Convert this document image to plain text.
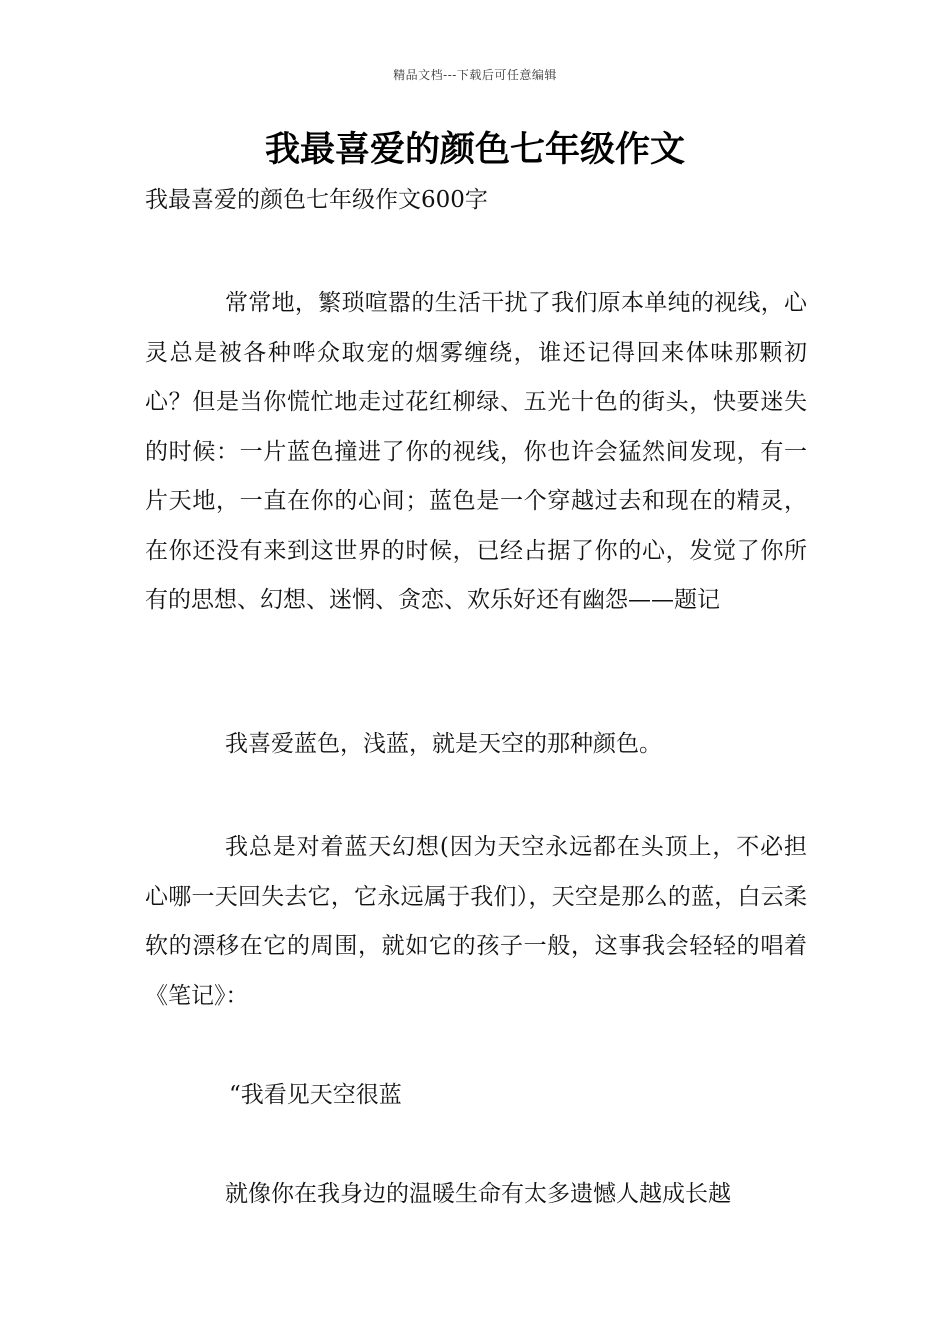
精品文档---下载后可任意编辑
我最喜爱的颜色七年级作文

我最喜爱的颜色七年级作文600字

常常地，繁琐喧嚣的生活干扰了我们原本单纯的视线，心灵总是被各种哗众取宠的烟雾缠绕，谁还记得回来体味那颗初心？但是当你慌忙地走过花红柳绿、五光十色的街头，快要迷失的时候：一片蓝色撞进了你的视线，你也许会猛然间发现，有一片天地，一直在你的心间；蓝色是一个穿越过去和现在的精灵，在你还没有来到这世界的时候，已经占据了你的心，发觉了你所有的思想、幻想、迷惘、贪恋、欢乐好还有幽怨——题记

我喜爱蓝色，浅蓝，就是天空的那种颜色。

我总是对着蓝天幻想(因为天空永远都在头顶上，不必担心哪一天回失去它，它永远属于我们），天空是那么的蓝，白云柔软的漂移在它的周围，就如它的孩子一般，这事我会轻轻的唱着《笔记》：

“我看见天空很蓝

就像你在我身边的温暖生命有太多遗憾人越成长越
